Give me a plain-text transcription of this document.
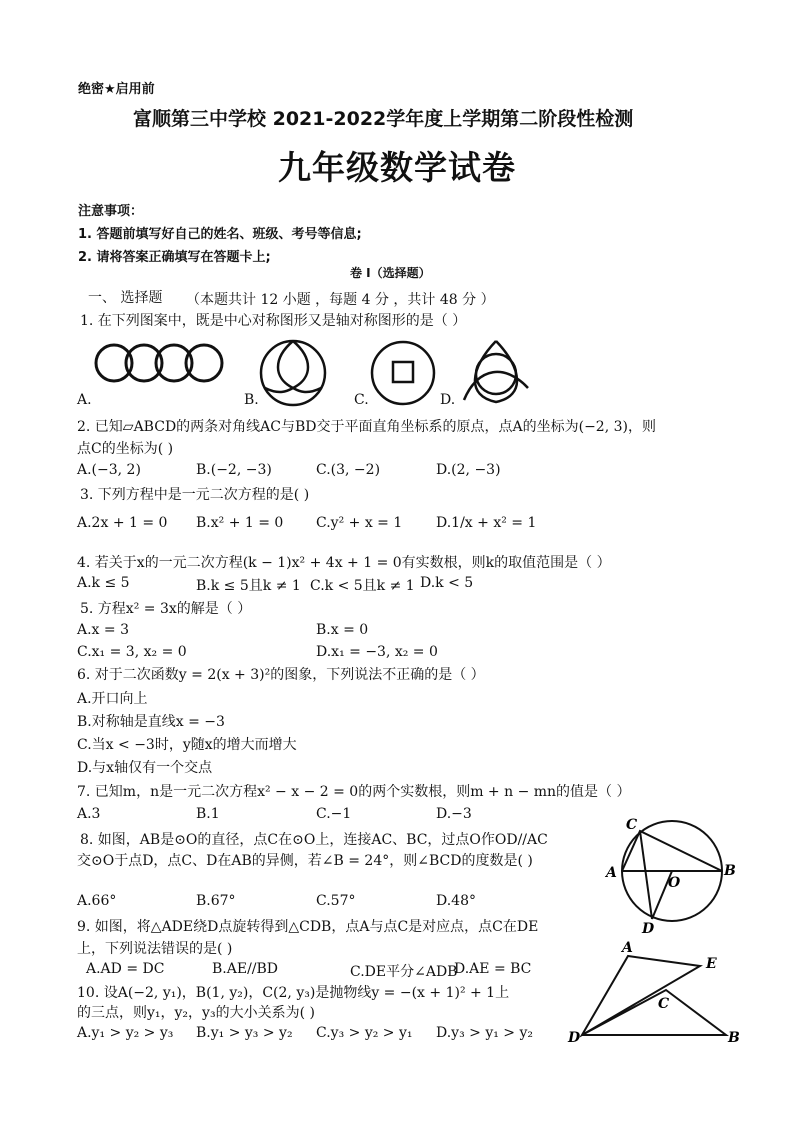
绝密★启用前
富顺第三中学校 2021-2022学年度上学期第二阶段性检测
九年级数学试卷
注意事项：
1. 答题前填写好自己的姓名、班级、考号等信息;
2. 请将答案正确填写在答题卡上;
卷 I（选择题）
一、 选择题 （本题共计 12 小题 ，每题 4 分 ，共计 48 分 ）
1. 在下列图案中，既是中心对称图形又是轴对称图形的是（ ）
A.	B.	C.	D.
2. 已知▱ABCD的两条对角线AC与BD交于平面直角坐标系的原点，点A的坐标为(−2, 3)，则
点C的坐标为( )
A.(−3, 2)	B.(−2, −3)	C.(3, −2)	D.(2, −3)
3. 下列方程中是一元二次方程的是( )
A.2x + 1 = 0 B.x² + 1 = 0 C.y² + x = 1 D.1/x + x² = 1
4. 若关于x的一元二次方程(k − 1)x² + 4x + 1 = 0有实数根，则k的取值范围是（ ）
A.k ≤ 5	B.k ≤ 5且k ≠ 1 C.k < 5且k ≠ 1 D.k < 5
5. 方程x² = 3x的解是（ ）
A.x = 3	B.x = 0
C.x₁ = 3, x₂ = 0	D.x₁ = −3, x₂ = 0
6. 对于二次函数y = 2(x + 3)²的图象，下列说法不正确的是（ ）
A.开口向上
B.对称轴是直线x = −3
C.当x < −3时，y随x的增大而增大
D.与x轴仅有一个交点
7. 已知m，n是一元二次方程x² − x − 2 = 0的两个实数根，则m + n − mn的值是（ ）
A.3	B.1	C.−1	D.−3
8. 如图，AB是⊙O的直径，点C在⊙O上，连接AC、BC，过点O作OD//AC
交⊙O于点D，点C、D在AB的异侧，若∠B = 24°，则∠BCD的度数是( )
A.66°	B.67°	C.57°	D.48°
C
A
O
B
D
9. 如图，将△ADE绕D点旋转得到△CDB，点A与点C是对应点，点C在DE
上，下列说法错误的是( )
A.AD = DC	B.AE//BD	C.DE平分∠ADB
D.AE = BC
A
E
C
D	B
10. 设A(−2, y₁)，B(1, y₂)，C(2, y₃)是抛物线y = −(x + 1)² + 1上
的三点，则y₁，y₂，y₃的大小关系为( )
A.y₁ > y₂ > y₃ B.y₁ > y₃ > y₂ C.y₃ > y₂ > y₁ D.y₃ > y₁ > y₂
